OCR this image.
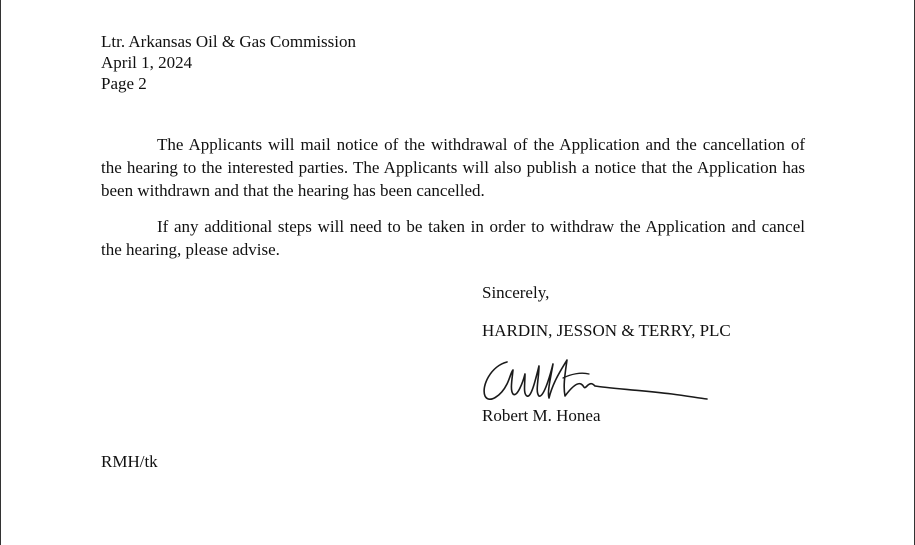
Ltr. Arkansas Oil & Gas Commission
April 1, 2024
Page 2

The Applicants will mail notice of the withdrawal of the Application and the cancellation of the hearing to the interested parties. The Applicants will also publish a notice that the Application has been withdrawn and that the hearing has been cancelled.

If any additional steps will need to be taken in order to withdraw the Application and cancel the hearing, please advise.

Sincerely,
HARDIN, JESSON & TERRY, PLC
Robert M. Honea
RMH/tk
